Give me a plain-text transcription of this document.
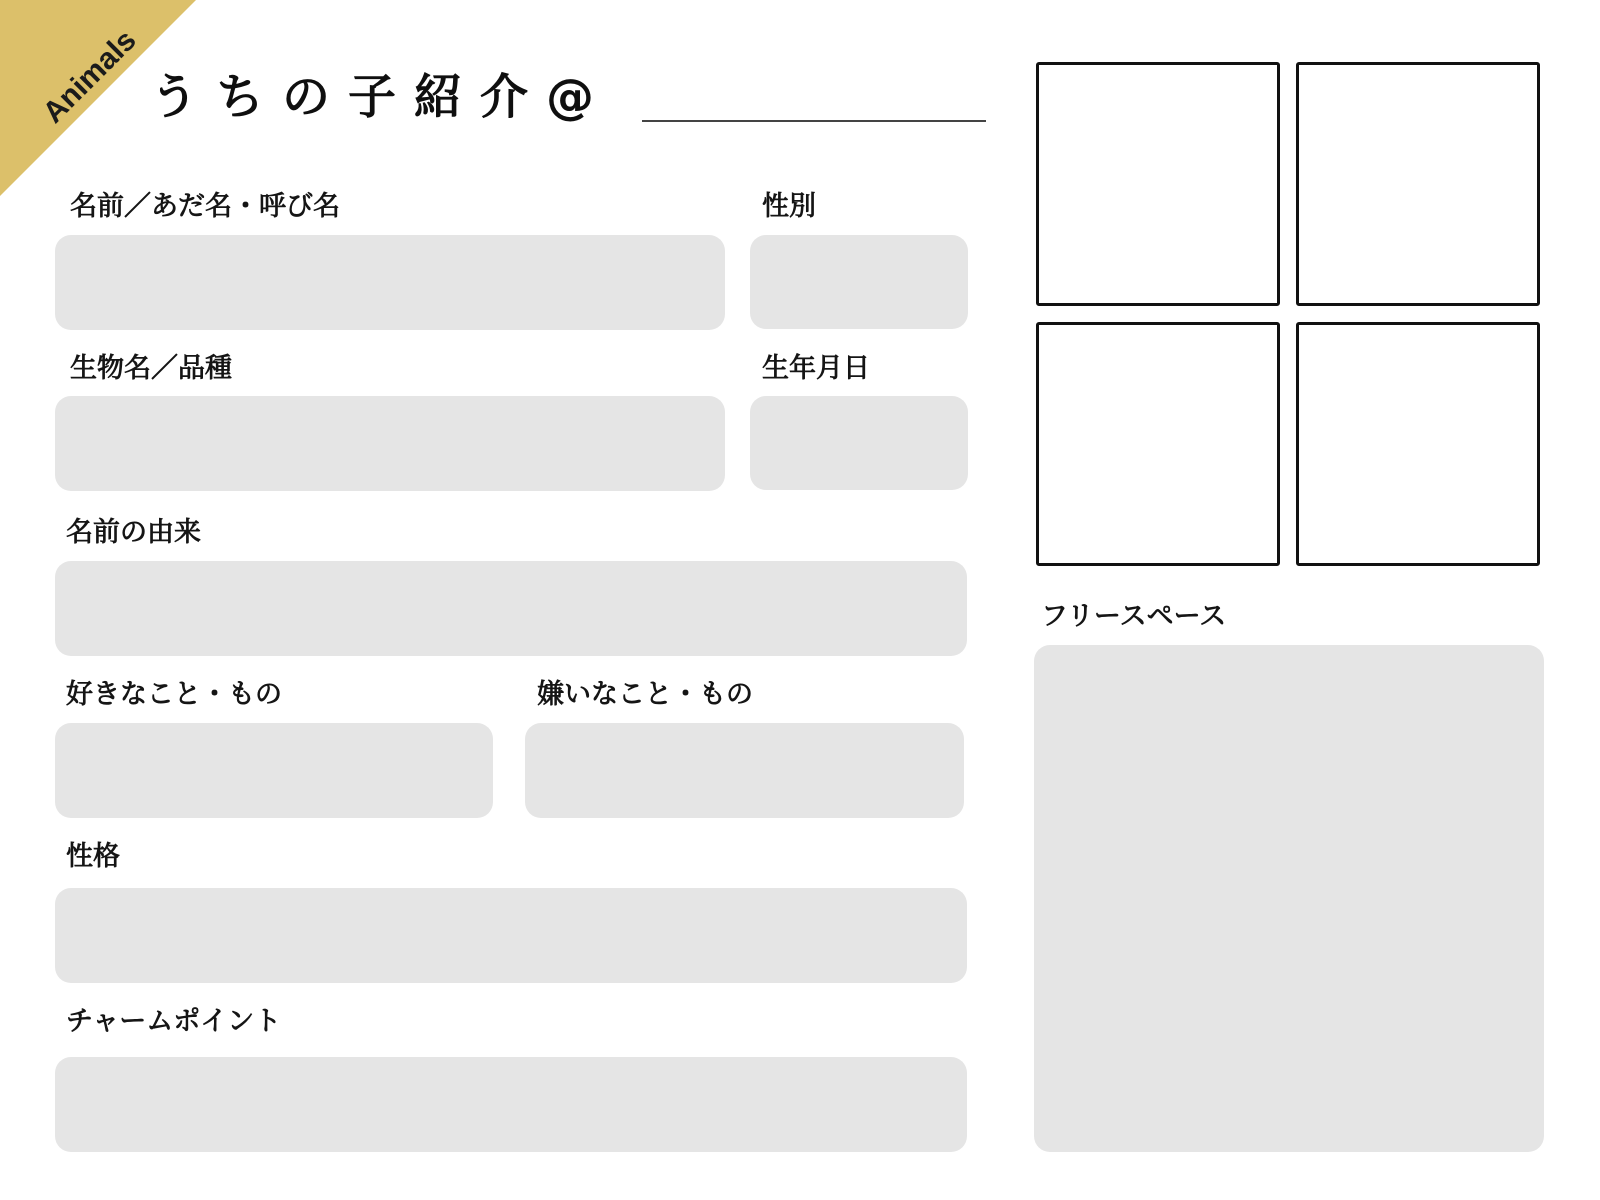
Animals うちの子紹介@
名前／あだ名・呼び名	性別
生物名／品種	生年月日
名前の由来
好きなこと・もの	嫌いなこと・もの
性格
チャームポイント
フリースペース
